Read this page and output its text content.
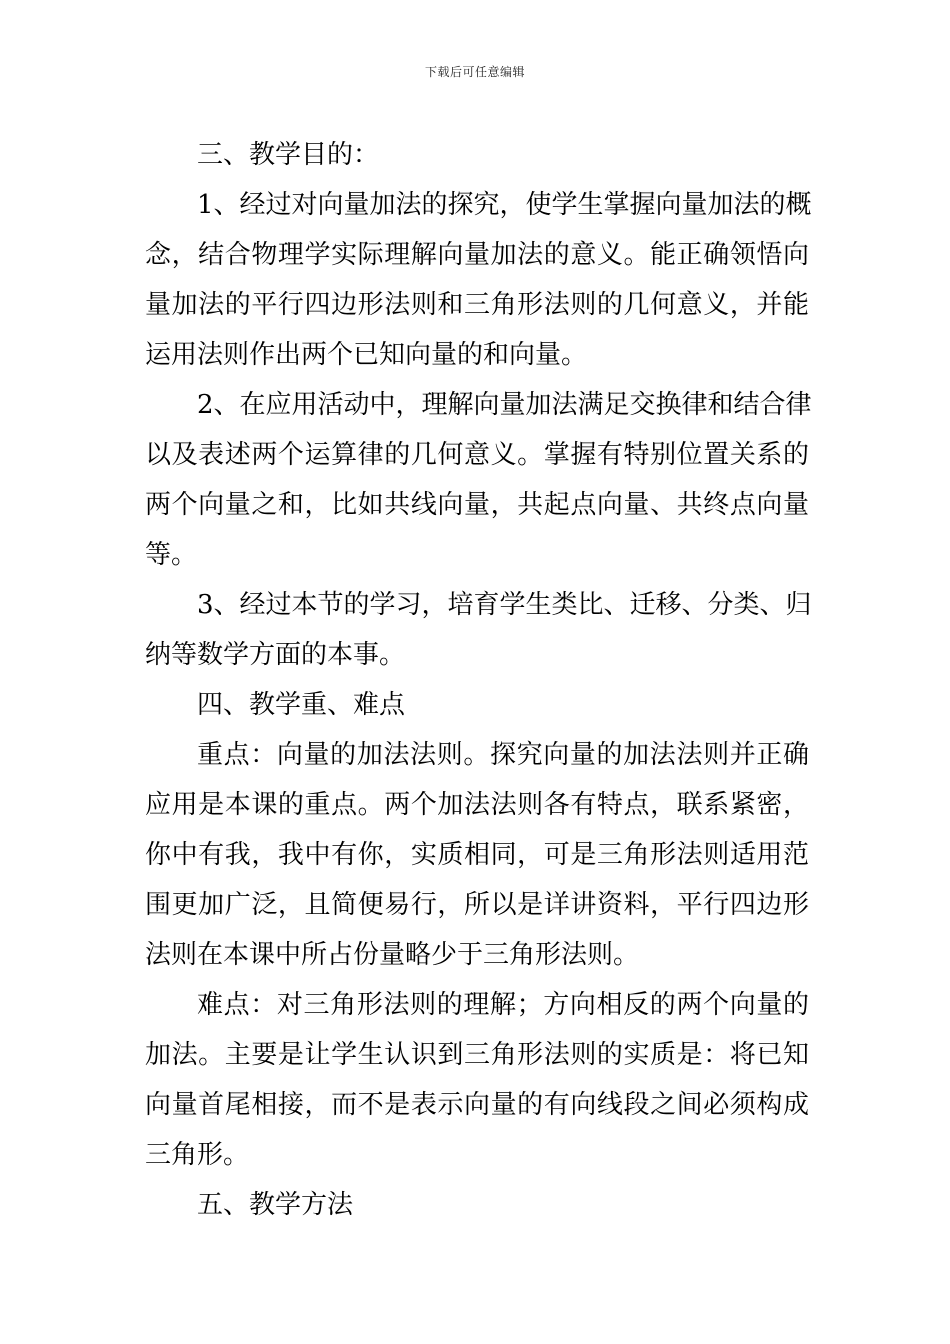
下载后可任意编辑
三、教学目的：
1、经过对向量加法的探究，使学生掌握向量加法的概
念，结合物理学实际理解向量加法的意义。能正确领悟向
量加法的平行四边形法则和三角形法则的几何意义，并能
运用法则作出两个已知向量的和向量。
2、在应用活动中，理解向量加法满足交换律和结合律
以及表述两个运算律的几何意义。掌握有特别位置关系的
两个向量之和，比如共线向量，共起点向量、共终点向量
等。
3、经过本节的学习，培育学生类比、迁移、分类、归
纳等数学方面的本事。
四、教学重、难点
重点：向量的加法法则。探究向量的加法法则并正确
应用是本课的重点。两个加法法则各有特点，联系紧密，
你中有我，我中有你，实质相同，可是三角形法则适用范
围更加广泛，且简便易行，所以是详讲资料，平行四边形
法则在本课中所占份量略少于三角形法则。
难点：对三角形法则的理解；方向相反的两个向量的
加法。主要是让学生认识到三角形法则的实质是：将已知
向量首尾相接，而不是表示向量的有向线段之间必须构成
三角形。
五、教学方法
